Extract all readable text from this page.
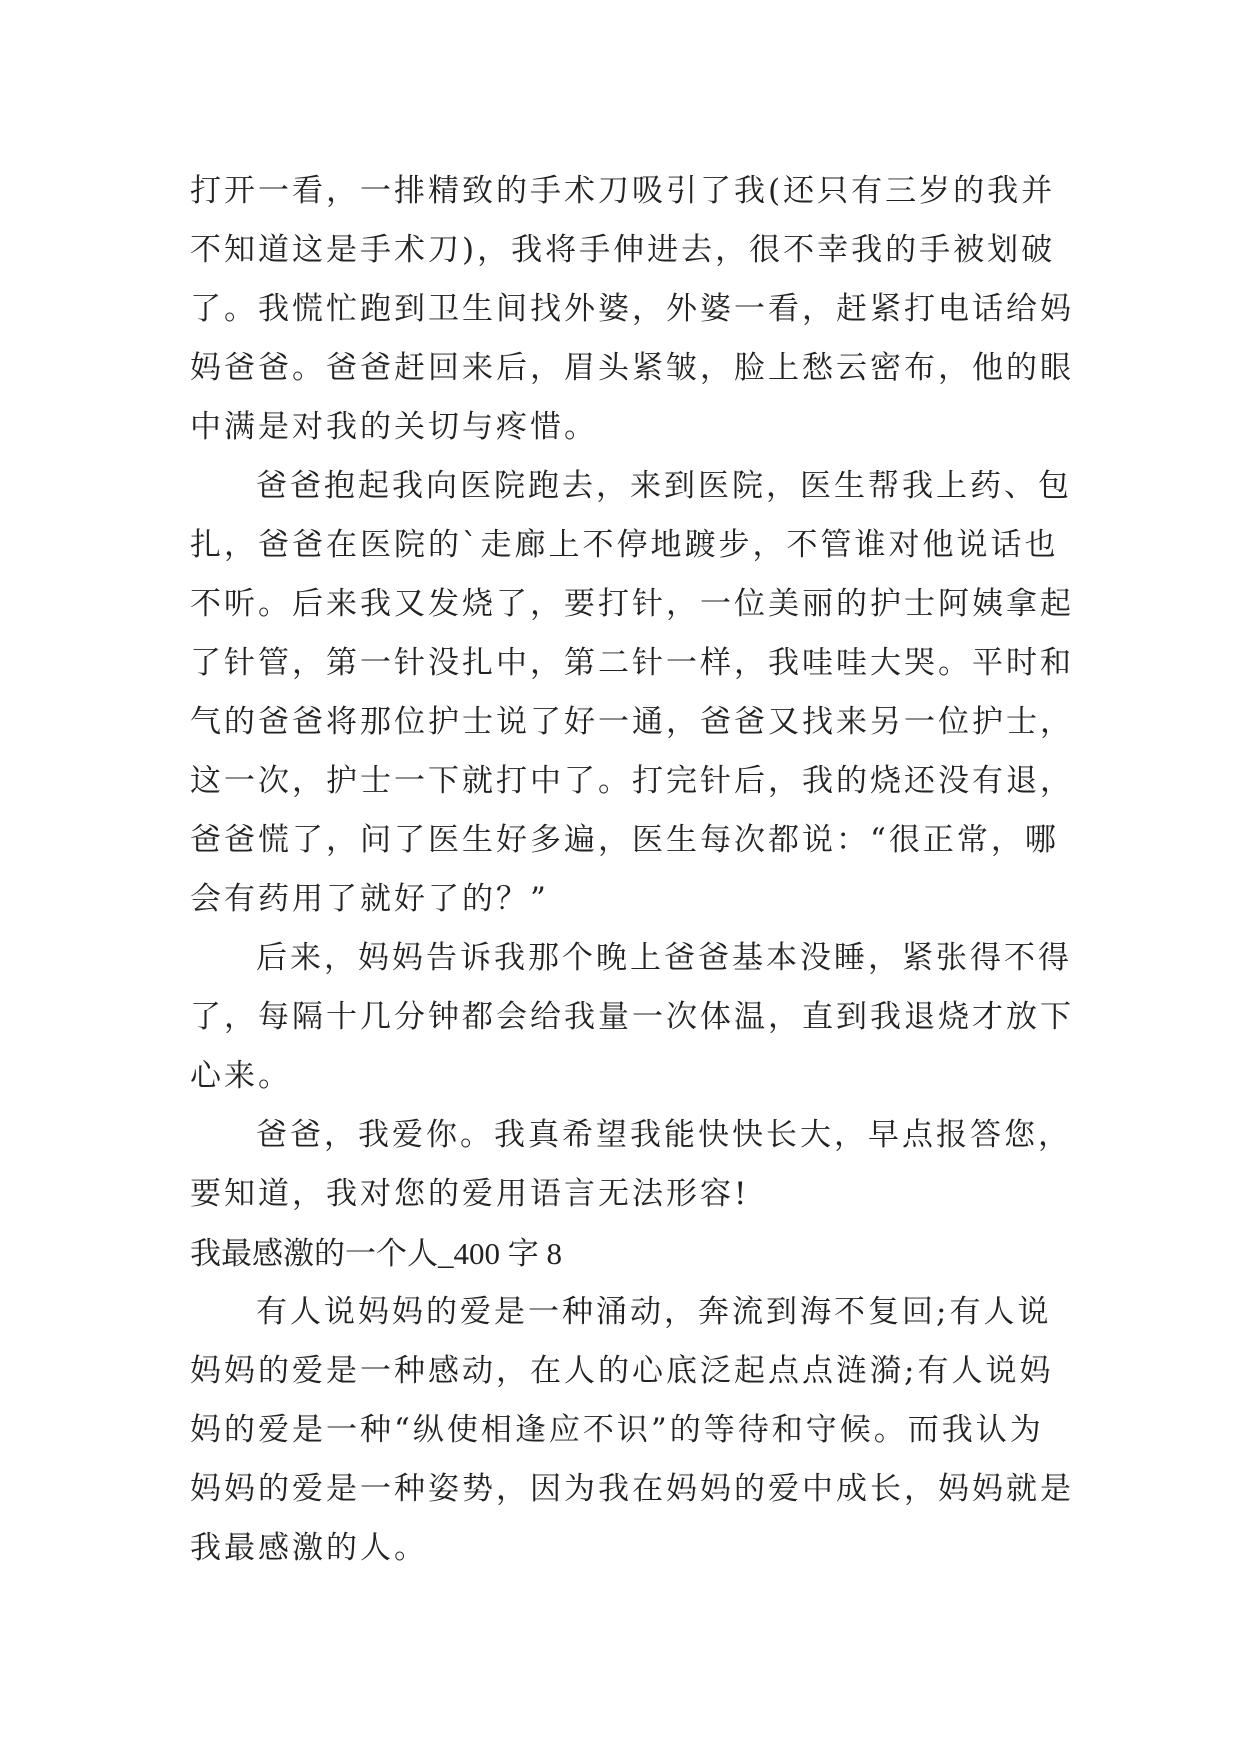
打开一看，一排精致的手术刀吸引了我(还只有三岁的我并
不知道这是手术刀)，我将手伸进去，很不幸我的手被划破
了。我慌忙跑到卫生间找外婆，外婆一看，赶紧打电话给妈
妈爸爸。爸爸赶回来后，眉头紧皱，脸上愁云密布，他的眼
中满是对我的关切与疼惜。
爸爸抱起我向医院跑去，来到医院，医生帮我上药、包
扎，爸爸在医院的`走廊上不停地踱步，不管谁对他说话也
不听。后来我又发烧了，要打针，一位美丽的护士阿姨拿起
了针管，第一针没扎中，第二针一样，我哇哇大哭。平时和
气的爸爸将那位护士说了好一通，爸爸又找来另一位护士，
这一次，护士一下就打中了。打完针后，我的烧还没有退，
爸爸慌了，问了医生好多遍，医生每次都说：“很正常，哪
会有药用了就好了的？”
后来，妈妈告诉我那个晚上爸爸基本没睡，紧张得不得
了，每隔十几分钟都会给我量一次体温，直到我退烧才放下
心来。
爸爸，我爱你。我真希望我能快快长大，早点报答您，
要知道，我对您的爱用语言无法形容!
我最感激的一个人_400 字 8
有人说妈妈的爱是一种涌动，奔流到海不复回;有人说
妈妈的爱是一种感动，在人的心底泛起点点涟漪;有人说妈
妈的爱是一种“纵使相逢应不识”的等待和守候。而我认为
妈妈的爱是一种姿势，因为我在妈妈的爱中成长，妈妈就是
我最感激的人。
